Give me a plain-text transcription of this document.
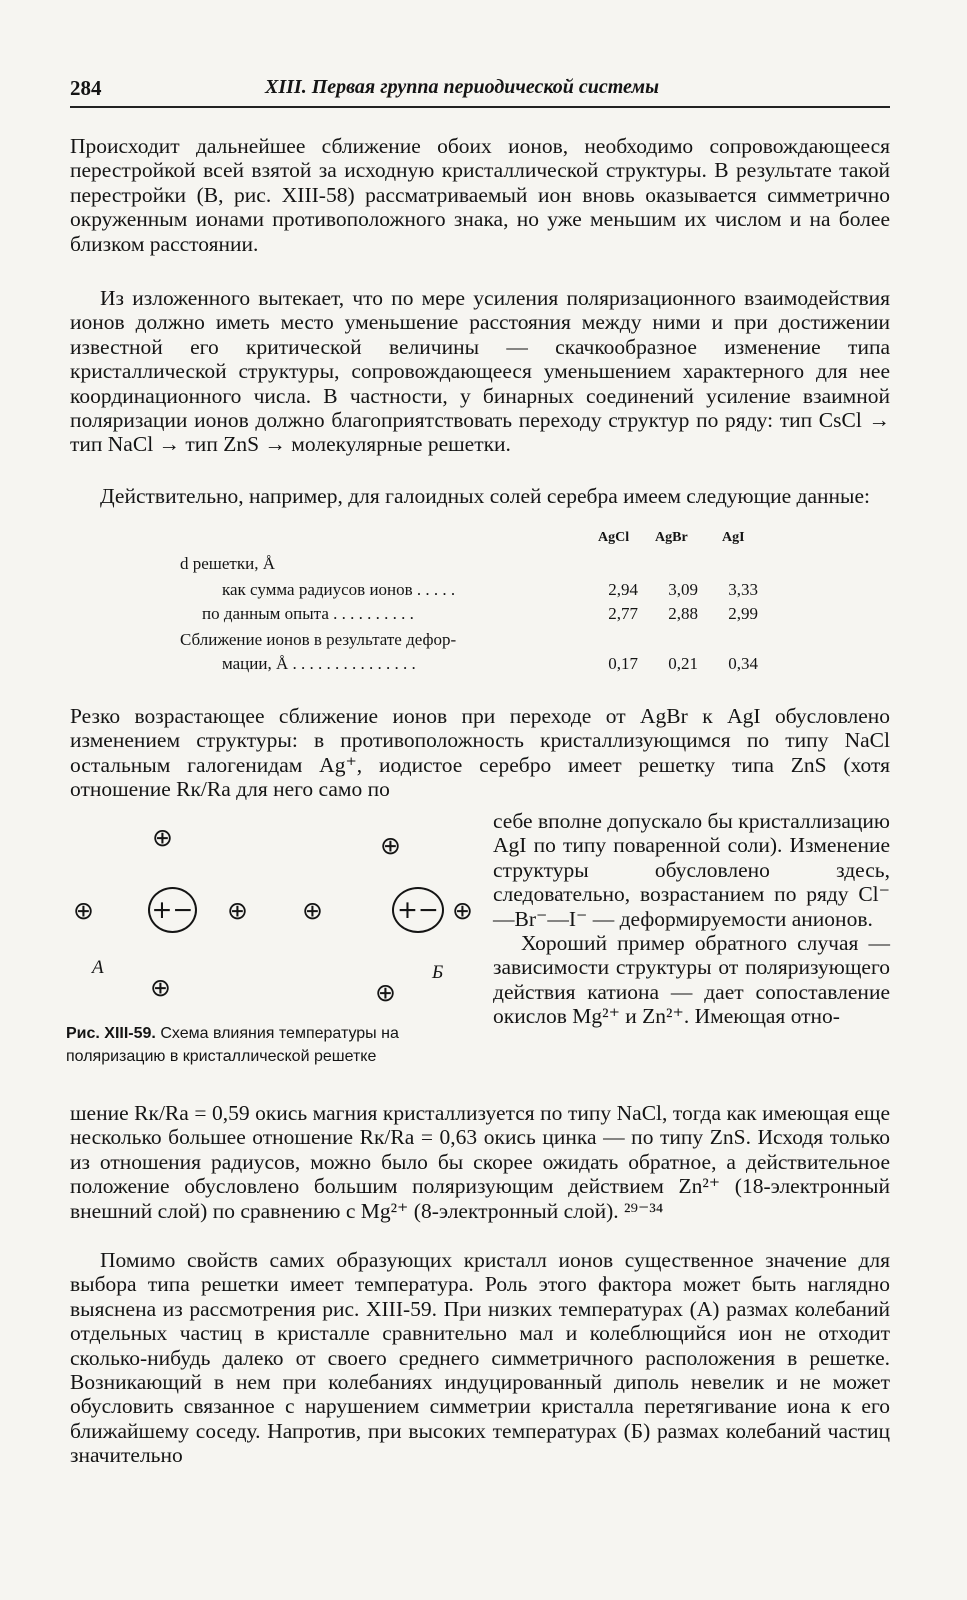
284	XIII. Первая группа периодической системы

Происходит дальнейшее сближение обоих ионов, необходимо сопровождающееся перестройкой всей взятой за исходную кристаллической структуры. В результате такой перестройки (В, рис. XIII-58) рассматриваемый ион вновь оказывается симметрично окруженным ионами противоположного знака, но уже меньшим их числом и на более близком расстоянии.

Из изложенного вытекает, что по мере усиления поляризационного взаимодействия ионов должно иметь место уменьшение расстояния между ними и при достижении известной его критической величины — скачкообразное изменение типа кристаллической структуры, сопровождающееся уменьшением характерного для нее координационного числа. В частности, у бинарных соединений усиление взаимной поляризации ионов должно благоприятствовать переходу структур по ряду: тип CsCl → тип NaCl → тип ZnS → молекулярные решетки.

Действительно, например, для галоидных солей серебра имеем следующие данные:

AgCl AgBr AgI
d решетки, Å
как сумма радиусов ионов . . . . .	2,94	3,09	3,33
по данным опыта . . . . . . . . . .	2,77	2,88	2,99
Сближение ионов в результате дефор-
мации, Å . . . . . . . . . . . . . . .	0,17	0,21	0,34

Резко возрастающее сближение ионов при переходе от AgBr к AgI обусловлено изменением структуры: в противоположность кристаллизующимся по типу NaCl остальным галогенидам Ag⁺, иодистое серебро имеет решетку типа ZnS (хотя отношение Rк/Rа для него само по

⊕
⊕ +− ⊕
⊕
А
⊕
⊕	+− ⊕
⊕
Б

Рис. XIII-59. Схема влияния температуры на поляризацию в кристаллической решетке

себе вполне допускало бы кристаллизацию AgI по типу поваренной соли). Изменение структуры обусловлено здесь, следовательно, возрастанием по ряду Cl⁻—Br⁻—I⁻ — деформируемости анионов.
Хороший пример обратного случая — зависимости структуры от поляризующего действия катиона — дает сопоставление окислов Mg²⁺ и Zn²⁺. Имеющая отно-

шение Rк/Rа = 0,59 окись магния кристаллизуется по типу NaCl, тогда как имеющая еще несколько большее отношение Rк/Rа = 0,63 окись цинка — по типу ZnS. Исходя только из отношения радиусов, можно было бы скорее ожидать обратное, а действительное положение обусловлено большим поляризующим действием Zn²⁺ (18-электронный внешний слой) по сравнению с Mg²⁺ (8-электронный слой). ²⁹⁻³⁴

Помимо свойств самих образующих кристалл ионов существенное значение для выбора типа решетки имеет температура. Роль этого фактора может быть наглядно выяснена из рассмотрения рис. XIII-59. При низких температурах (А) размах колебаний отдельных частиц в кристалле сравнительно мал и колеблющийся ион не отходит сколько-нибудь далеко от своего среднего симметричного расположения в решетке. Возникающий в нем при колебаниях индуцированный диполь невелик и не может обусловить связанное с нарушением симметрии кристалла перетягивание иона к его ближайшему соседу. Напротив, при высоких температурах (Б) размах колебаний частиц значительно
